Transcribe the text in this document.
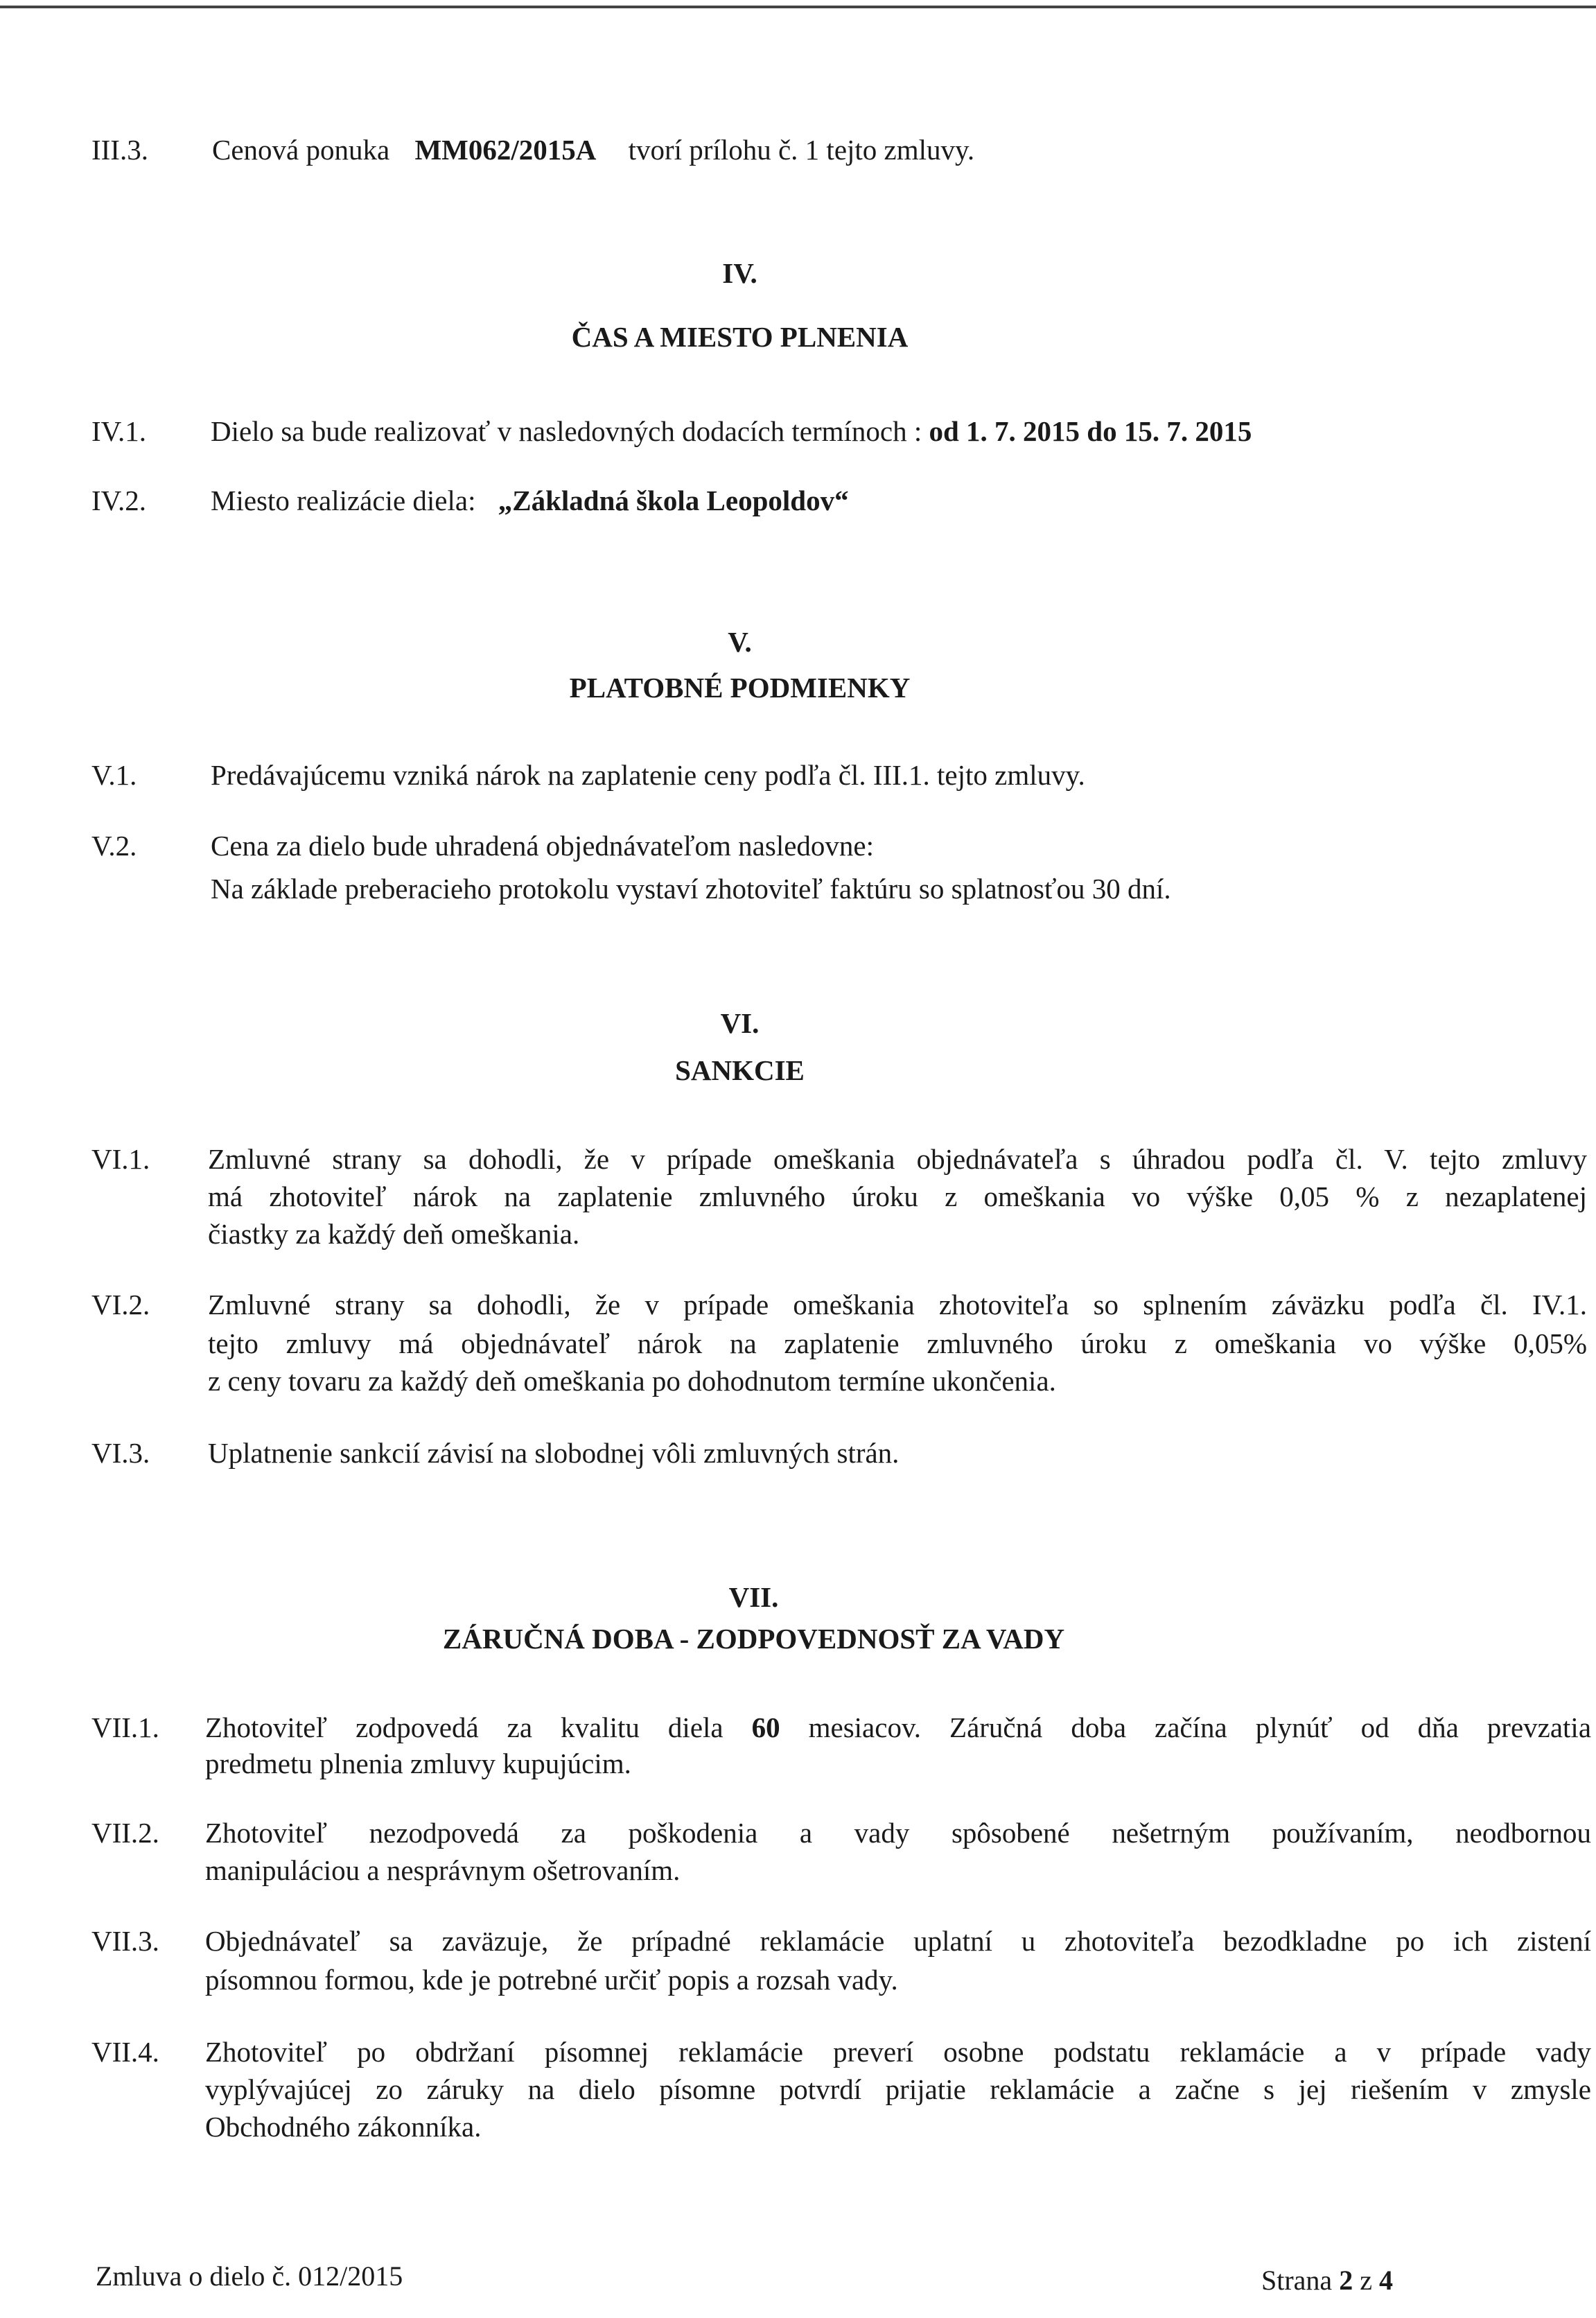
III.3. Cenová ponuka MM062/2015A tvorí prílohu č. 1 tejto zmluvy.
IV.
ČAS A MIESTO PLNENIA
IV.1. Dielo sa bude realizovať v nasledovných dodacích termínoch : od 1. 7. 2015 do 15. 7. 2015
IV.2. Miesto realizácie diela: „Základná škola Leopoldov“
V.
PLATOBNÉ PODMIENKY
V.1.	Predávajúcemu vzniká nárok na zaplatenie ceny podľa čl. III.1. tejto zmluvy.
V.2.	Cena za dielo bude uhradená objednávateľom nasledovne:
Na základe preberacieho protokolu vystaví zhotoviteľ faktúru so splatnosťou 30 dní.
VI.
SANKCIE
VI.1. Zmluvné strany sa dohodli, že v prípade omeškania objednávateľa s úhradou podľa čl. V. tejto zmluvy
má zhotoviteľ nárok na zaplatenie zmluvného úroku z omeškania vo výške 0,05 % z nezaplatenej
čiastky za každý deň omeškania.
VI.2. Zmluvné strany sa dohodli, že v prípade omeškania zhotoviteľa so splnením záväzku podľa čl. IV.1.
tejto zmluvy má objednávateľ nárok na zaplatenie zmluvného úroku z omeškania vo výške 0,05%
z ceny tovaru za každý deň omeškania po dohodnutom termíne ukončenia.
VI.3. Uplatnenie sankcií závisí na slobodnej vôli zmluvných strán.
VII.
ZÁRUČNÁ DOBA - ZODPOVEDNOSŤ ZA VADY
VII.1. Zhotoviteľ zodpovedá za kvalitu diela 60 mesiacov. Záručná doba začína plynúť od dňa prevzatia
predmetu plnenia zmluvy kupujúcim.
VII.2. Zhotoviteľ nezodpovedá za poškodenia a vady spôsobené nešetrným používaním, neodbornou
manipuláciou a nesprávnym ošetrovaním.
VII.3. Objednávateľ sa zaväzuje, že prípadné reklamácie uplatní u zhotoviteľa bezodkladne po ich zistení
písomnou formou, kde je potrebné určiť popis a rozsah vady.
VII.4. Zhotoviteľ po obdržaní písomnej reklamácie preverí osobne podstatu reklamácie a v prípade vady
vyplývajúcej zo záruky na dielo písomne potvrdí prijatie reklamácie a začne s jej riešením v zmysle
Obchodného zákonníka.
Zmluva o dielo č. 012/2015	Strana 2 z 4
